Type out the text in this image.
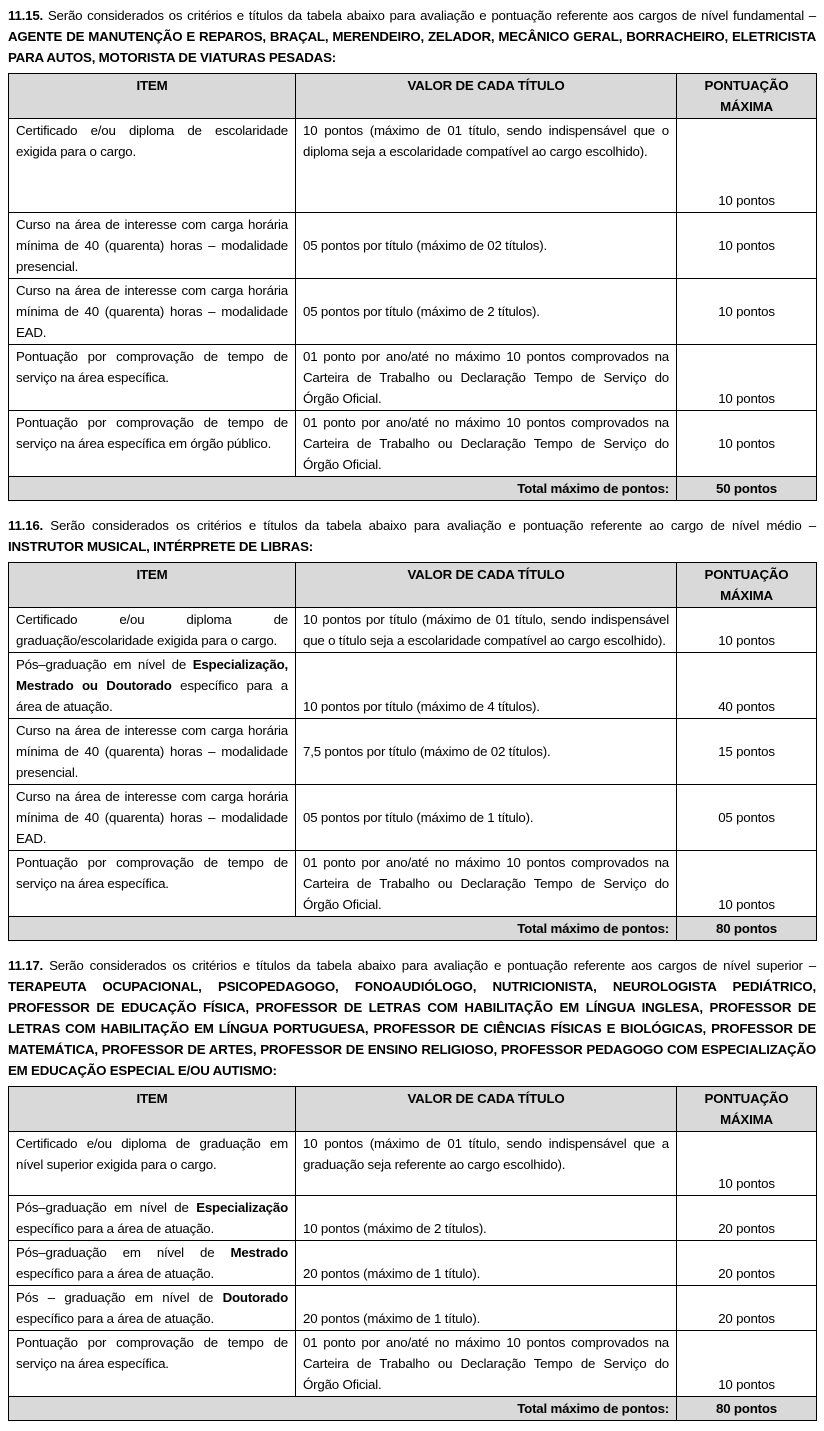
11.15. Serão considerados os critérios e títulos da tabela abaixo para avaliação e pontuação referente aos cargos de nível fundamental – AGENTE DE MANUTENÇÃO E REPAROS, BRAÇAL, MERENDEIRO, ZELADOR, MECÂNICO GERAL, BORRACHEIRO, ELETRICISTA PARA AUTOS, MOTORISTA DE VIATURAS PESADAS:

ITEM	VALOR DE CADA TÍTULO	PONTUAÇÃO MÁXIMA
Certificado e/ou diploma de escolaridade exigida para o cargo.	10 pontos (máximo de 01 título, sendo indispensável que o diploma seja a escolaridade compatível ao cargo escolhido).	10 pontos
Curso na área de interesse com carga horária mínima de 40 (quarenta) horas – modalidade presencial.	05 pontos por título (máximo de 02 títulos).	10 pontos
Curso na área de interesse com carga horária mínima de 40 (quarenta) horas – modalidade EAD.	05 pontos por título (máximo de 2 títulos).	10 pontos
Pontuação por comprovação de tempo de serviço na área específica.	01 ponto por ano/até no máximo 10 pontos comprovados na Carteira de Trabalho ou Declaração Tempo de Serviço do Órgão Oficial.	10 pontos
Pontuação por comprovação de tempo de serviço na área específica em órgão público.	01 ponto por ano/até no máximo 10 pontos comprovados na Carteira de Trabalho ou Declaração Tempo de Serviço do Órgão Oficial.	10 pontos
Total máximo de pontos:		50 pontos

11.16. Serão considerados os critérios e títulos da tabela abaixo para avaliação e pontuação referente ao cargo de nível médio – INSTRUTOR MUSICAL, INTÉRPRETE DE LIBRAS:

ITEM	VALOR DE CADA TÍTULO	PONTUAÇÃO MÁXIMA
Certificado e/ou diploma de graduação/escolaridade exigida para o cargo.	10 pontos por título (máximo de 01 título, sendo indispensável que o título seja a escolaridade compatível ao cargo escolhido).	10 pontos
Pós–graduação em nível de Especialização, Mestrado ou Doutorado específico para a área de atuação.	10 pontos por título (máximo de 4 títulos).	40 pontos
Curso na área de interesse com carga horária mínima de 40 (quarenta) horas – modalidade presencial.	7,5 pontos por título (máximo de 02 títulos).	15 pontos
Curso na área de interesse com carga horária mínima de 40 (quarenta) horas – modalidade EAD.	05 pontos por título (máximo de 1 título).	05 pontos
Pontuação por comprovação de tempo de serviço na área específica.	01 ponto por ano/até no máximo 10 pontos comprovados na Carteira de Trabalho ou Declaração Tempo de Serviço do Órgão Oficial.	10 pontos
Total máximo de pontos:		80 pontos

11.17. Serão considerados os critérios e títulos da tabela abaixo para avaliação e pontuação referente aos cargos de nível superior – TERAPEUTA OCUPACIONAL, PSICOPEDAGOGO, FONOAUDIÓLOGO, NUTRICIONISTA, NEUROLOGISTA PEDIÁTRICO, PROFESSOR DE EDUCAÇÃO FÍSICA, PROFESSOR DE LETRAS COM HABILITAÇÃO EM LÍNGUA INGLESA, PROFESSOR DE LETRAS COM HABILITAÇÃO EM LÍNGUA PORTUGUESA, PROFESSOR DE CIÊNCIAS FÍSICAS E BIOLÓGICAS, PROFESSOR DE MATEMÁTICA, PROFESSOR DE ARTES, PROFESSOR DE ENSINO RELIGIOSO, PROFESSOR PEDAGOGO COM ESPECIALIZAÇÃO EM EDUCAÇÃO ESPECIAL E/OU AUTISMO:

ITEM	VALOR DE CADA TÍTULO	PONTUAÇÃO MÁXIMA
Certificado e/ou diploma de graduação em nível superior exigida para o cargo.	10 pontos (máximo de 01 título, sendo indispensável que a graduação seja referente ao cargo escolhido).	10 pontos
Pós–graduação em nível de Especialização específico para a área de atuação.	10 pontos (máximo de 2 títulos).	20 pontos
Pós–graduação em nível de Mestrado específico para a área de atuação.	20 pontos (máximo de 1 título).	20 pontos
Pós – graduação em nível de Doutorado específico para a área de atuação.	20 pontos (máximo de 1 título).	20 pontos
Pontuação por comprovação de tempo de serviço na área específica.	01 ponto por ano/até no máximo 10 pontos comprovados na Carteira de Trabalho ou Declaração Tempo de Serviço do Órgão Oficial.	10 pontos
Total máximo de pontos:		80 pontos
